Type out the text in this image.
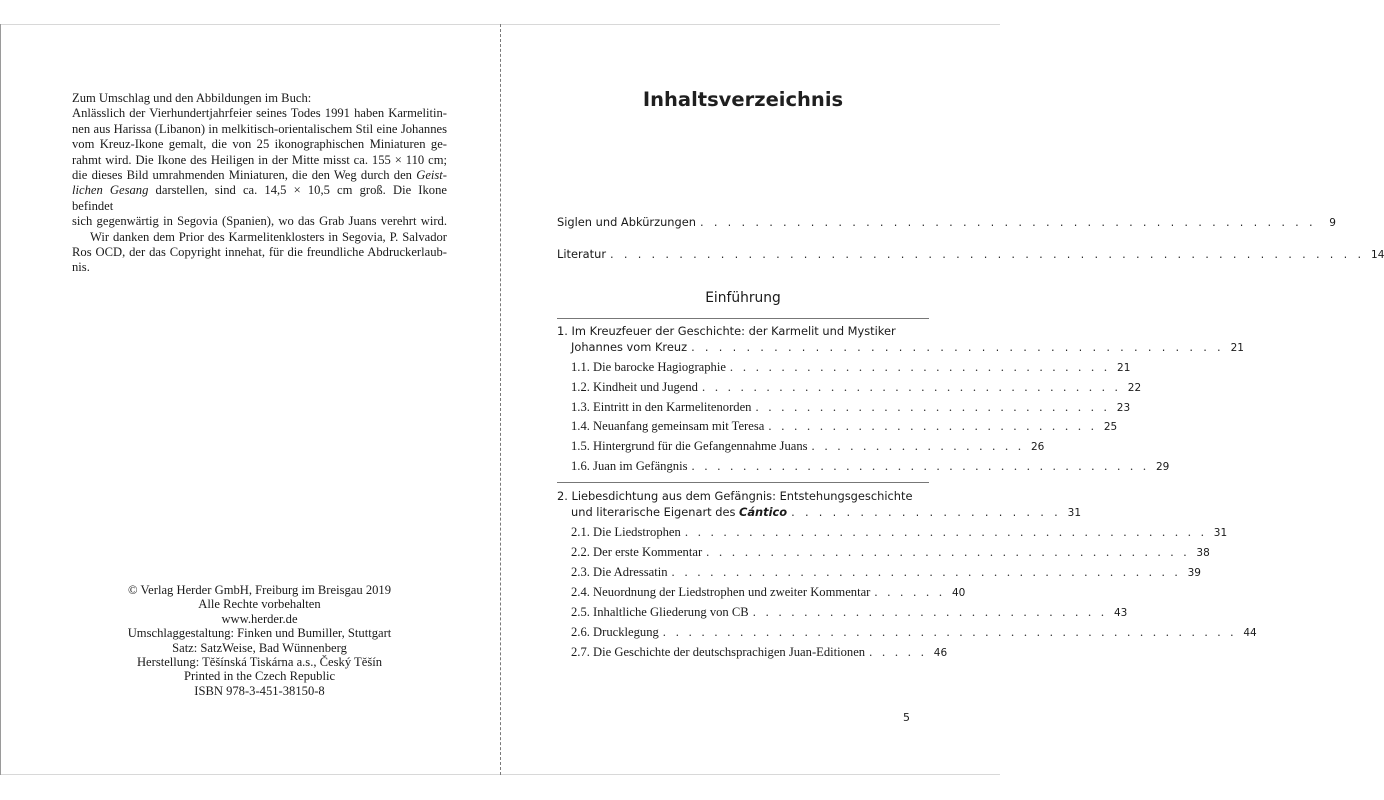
Zum Umschlag und den Abbildungen im Buch:

Anlässlich der Vierhundertjahrfeier seines Todes 1991 haben Karmelitin-

nen aus Harissa (Libanon) in melkitisch-orientalischem Stil eine Johannes

vom Kreuz-Ikone gemalt, die von 25 ikonographischen Miniaturen ge-

rahmt wird. Die Ikone des Heiligen in der Mitte misst ca. 155 × 110 cm;

die dieses Bild umrahmenden Miniaturen, die den Weg durch den Geist-

lichen Gesang darstellen, sind ca. 14,5 × 10,5 cm groß. Die Ikone befindet

sich gegenwärtig in Segovia (Spanien), wo das Grab Juans verehrt wird.

Wir danken dem Prior des Karmelitenklosters in Segovia, P. Salvador

Ros OCD, der das Copyright innehat, für die freundliche Abdruckerlaub-

nis.

© Verlag Herder GmbH, Freiburg im Breisgau 2019
Alle Rechte vorbehalten
www.herder.de
Umschlaggestaltung: Finken und Bumiller, Stuttgart
Satz: SatzWeise, Bad Wünnenberg
Herstellung: Těšínská Tiskárna a.s., Český Těšín
Printed in the Czech Republic
ISBN 978-3-451-38150-8
Inhaltsverzeichnis
Siglen und Abkürzungen . . . . . . . . . . . . . . . . . . . . . . . . . . . . . . . . . . . . . . . . . . . . .	9
Literatur . . . . . . . . . . . . . . . . . . . . . . . . . . . . . . . . . . . . . . . . . . . . . . . . . . . . . . . 14
Einführung
1. Im Kreuzfeuer der Geschichte: der Karmelit und Mystiker
Johannes vom Kreuz . . . . . . . . . . . . . . . . . . . . . . . . . . . . . . . . . . . . . . . 21
1.1. Die barocke Hagiographie . . . . . . . . . . . . . . . . . . . . . . . . . . . . . . 21
1.2. Kindheit und Jugend . . . . . . . . . . . . . . . . . . . . . . . . . . . . . . . . . 22
1.3. Eintritt in den Karmelitenorden . . . . . . . . . . . . . . . . . . . . . . . . . . . . 23
1.4. Neuanfang gemeinsam mit Teresa . . . . . . . . . . . . . . . . . . . . . . . . . . 25
1.5. Hintergrund für die Gefangennahme Juans . . . . . . . . . . . . . . . . . 26
1.6. Juan im Gefängnis . . . . . . . . . . . . . . . . . . . . . . . . . . . . . . . . . . . . 29
2. Liebesdichtung aus dem Gefängnis: Entstehungsgeschichte
und literarische Eigenart des Cántico . . . . . . . . . . . . . . . . . . . . 31
2.1. Die Liedstrophen . . . . . . . . . . . . . . . . . . . . . . . . . . . . . . . . . . . . . . . . . 31
2.2. Der erste Kommentar . . . . . . . . . . . . . . . . . . . . . . . . . . . . . . . . . . . . . . 38
2.3. Die Adressatin . . . . . . . . . . . . . . . . . . . . . . . . . . . . . . . . . . . . . . . . 39
2.4. Neuordnung der Liedstrophen und zweiter Kommentar . . . . . . 40
2.5. Inhaltliche Gliederung von CB . . . . . . . . . . . . . . . . . . . . . . . . . . . . 43
2.6. Drucklegung . . . . . . . . . . . . . . . . . . . . . . . . . . . . . . . . . . . . . . . . . . . . . 44
2.7. Die Geschichte der deutschsprachigen Juan-Editionen . . . . . 46
5
